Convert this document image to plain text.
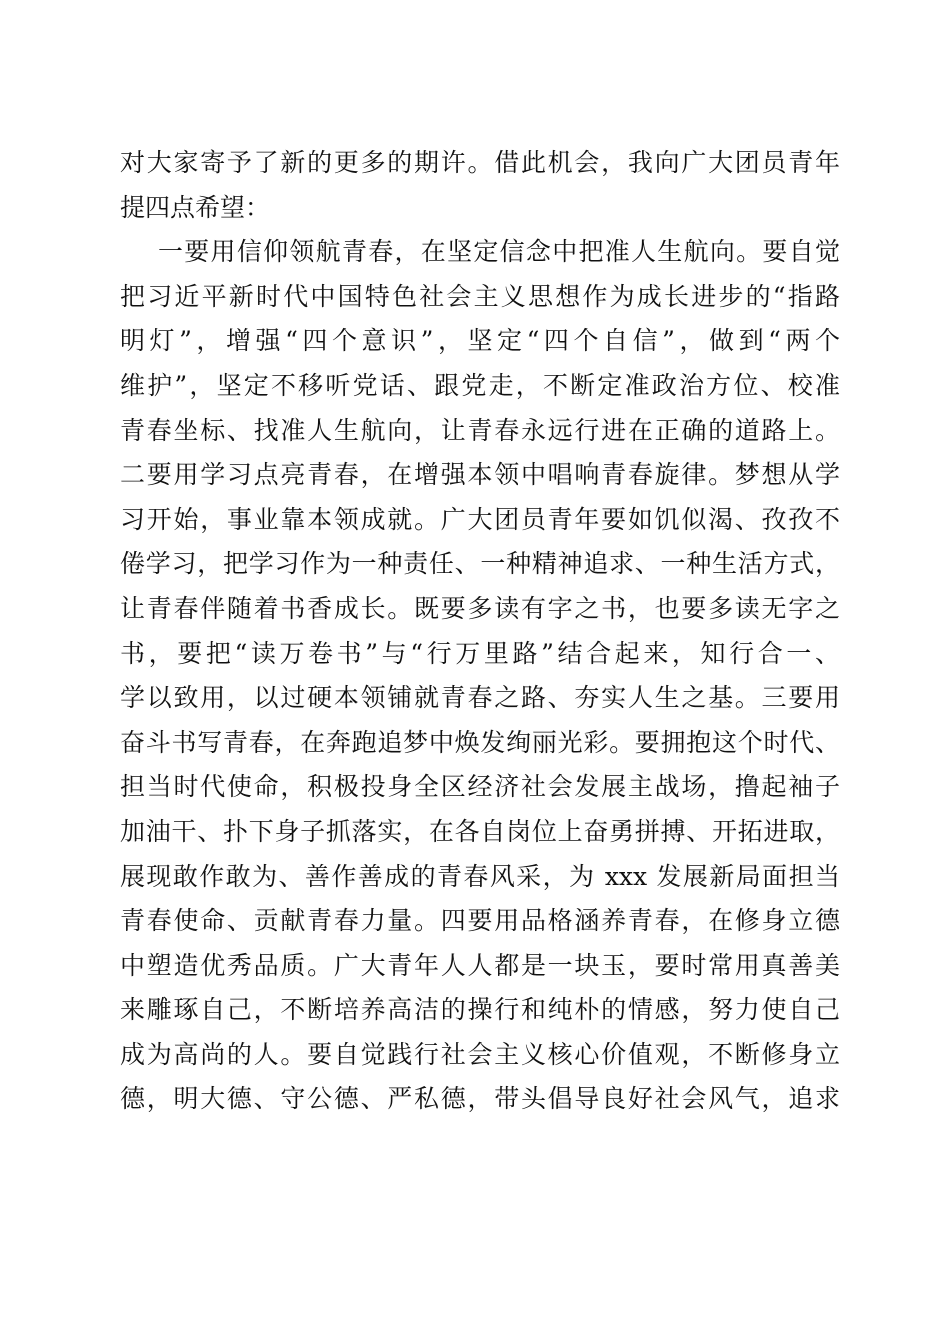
对大家寄予了新的更多的期许。借此机会，我向广大团员青年
提四点希望：
一要用信仰领航青春，在坚定信念中把准人生航向。要自觉
把习近平新时代中国特色社会主义思想作为成长进步的“指路
明灯”，增强“四个意识”，坚定“四个自信”，做到“两个
维护”，坚定不移听党话、跟党走，不断定准政治方位、校准
青春坐标、找准人生航向，让青春永远行进在正确的道路上。
二要用学习点亮青春，在增强本领中唱响青春旋律。梦想从学
习开始，事业靠本领成就。广大团员青年要如饥似渴、孜孜不
倦学习，把学习作为一种责任、一种精神追求、一种生活方式，
让青春伴随着书香成长。既要多读有字之书，也要多读无字之
书，要把“读万卷书”与“行万里路”结合起来，知行合一、
学以致用，以过硬本领铺就青春之路、夯实人生之基。三要用
奋斗书写青春，在奔跑追梦中焕发绚丽光彩。要拥抱这个时代、
担当时代使命，积极投身全区经济社会发展主战场，撸起袖子
加油干、扑下身子抓落实，在各自岗位上奋勇拼搏、开拓进取，
展现敢作敢为、善作善成的青春风采，为 xxx 发展新局面担当
青春使命、贡献青春力量。四要用品格涵养青春，在修身立德
中塑造优秀品质。广大青年人人都是一块玉，要时常用真善美
来雕琢自己，不断培养高洁的操行和纯朴的情感，努力使自己
成为高尚的人。要自觉践行社会主义核心价值观，不断修身立
德，明大德、守公德、严私德，带头倡导良好社会风气，追求
